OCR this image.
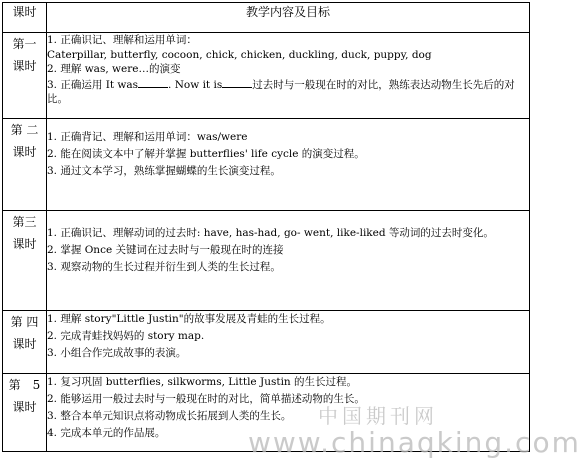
课时	教学内容及目标

第一
课时	1. 正确识记、理解和运用单词：
Caterpillar, butterfly, cocoon, chick, chicken, duckling, duck, puppy, dog
2. 理解 was, were…的演变
3. 正确运用 It was . Now it is 过去时与一般现在时的对比，熟练表达动物生长先后的对比。

第 二
课时	1. 正确背记、理解和运用单词：was/were
2. 能在阅读文本中了解并掌握 butterflies' life cycle 的演变过程。
3. 通过文本学习，熟练掌握蝴蝶的生长演变过程。

第三
课时	1. 正确识记、理解动词的过去时: have, has-had, go- went, like-liked 等动词的过去时变化。
2. 掌握 Once 关键词在过去时与一般现在时的连接
3. 观察动物的生长过程并衍生到人类的生长过程。

第 四
课时	1. 理解 story"Little Justin"的故事发展及青蛙的生长过程。
2. 完成青蛙找妈妈的 story map.
3. 小组合作完成故事的表演。

第　5
课时	1. 复习巩固 butterflies, silkworms, Little Justin 的生长过程。
2. 能够运用一般过去时与一般现在时的对比，简单描述动物的生长。
3. 整合本单元知识点将动物成长拓展到人类的生长。
4. 完成本单元的作品展。
中国期刊网
www.chinaqking.com
